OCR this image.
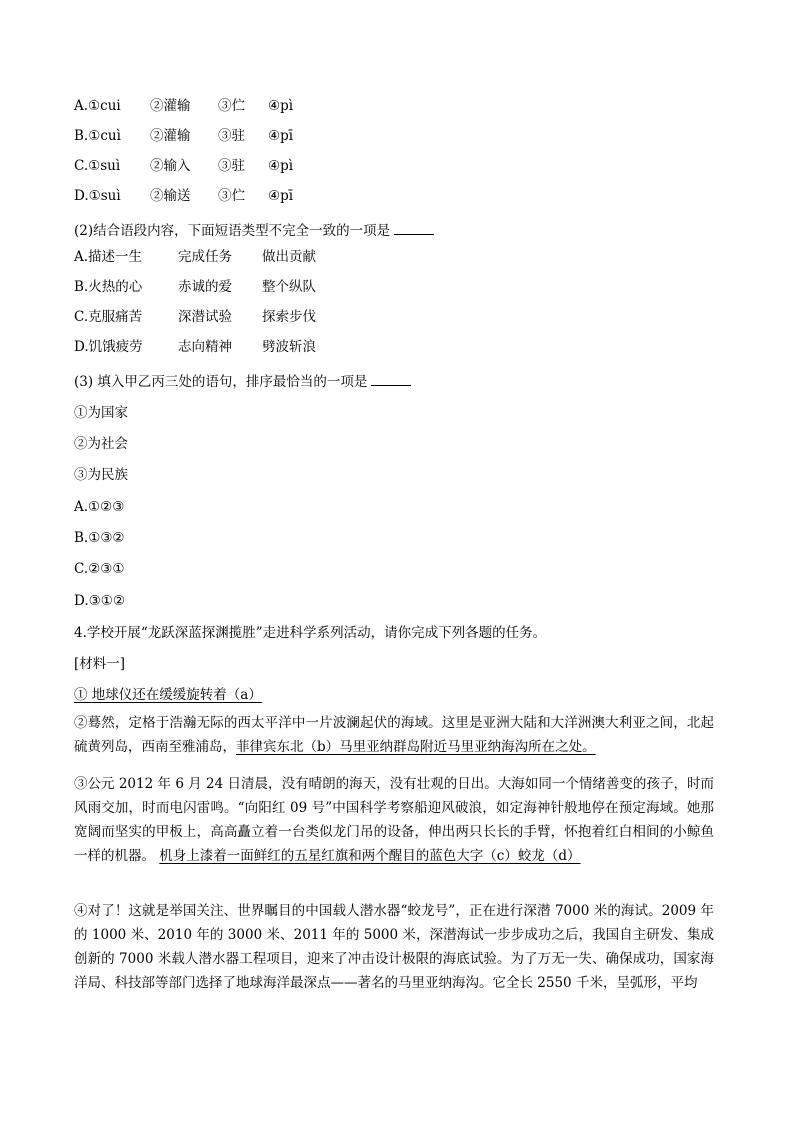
A.①cui ②灌输 ③伫 ④pì
B.①cuì ②灌输 ③驻 ④pī
C.①suì ②输入 ③驻 ④pì
D.①suì ②输送 ③伫 ④pī
(2)结合语段内容，下面短语类型不完全一致的一项是
A.描述一生	完成任务 做出贡献
B.火热的心	赤诚的爱 整个纵队
C.克服痛苦	深潜试验 探索步伐
D.饥饿疲劳	志向精神 劈波斩浪
(3) 填入甲乙丙三处的语句，排序最恰当的一项是
①为国家
②为社会
③为民族
A.①②③
B.①③②
C.②③①
D.③①②
4.学校开展“龙跃深蓝探渊揽胜”走进科学系列活动，请你完成下列各题的任务。
[材料一]
① 地球仪还在缓缓旋转着（a）
②蓦然，定格于浩瀚无际的西太平洋中一片波澜起伏的海域。这里是亚洲大陆和大洋洲澳大利亚之间，北起硫黄列岛，西南至雅浦岛，菲律宾东北（b）马里亚纳群岛附近马里亚纳海沟所在之处。
③公元 2012 年 6 月 24 日清晨，没有晴朗的海天，没有壮观的日出。大海如同一个情绪善变的孩子，时而风雨交加，时而电闪雷鸣。“向阳红 09 号”中国科学考察船迎风破浪，如定海神针般地停在预定海域。她那宽阔而坚实的甲板上，高高矗立着一台类似龙门吊的设备，伸出两只长长的手臂，怀抱着红白相间的小鲸鱼一样的机器。 机身上漆着一面鲜红的五星红旗和两个醒目的蓝色大字（c）蛟龙（d）
④对了！这就是举国关注、世界瞩目的中国载人潜水器“蛟龙号”，正在进行深潜 7000 米的海试。2009 年的 1000 米、2010 年的 3000 米、2011 年的 5000 米，深潜海试一步步成功之后，我国自主研发、集成创新的 7000 米载人潜水器工程项目，迎来了冲击设计极限的海底试验。为了万无一失、确保成功，国家海洋局、科技部等部门选择了地球海洋最深点——著名的马里亚纳海沟。它全长 2550 千米，呈弧形，平均
